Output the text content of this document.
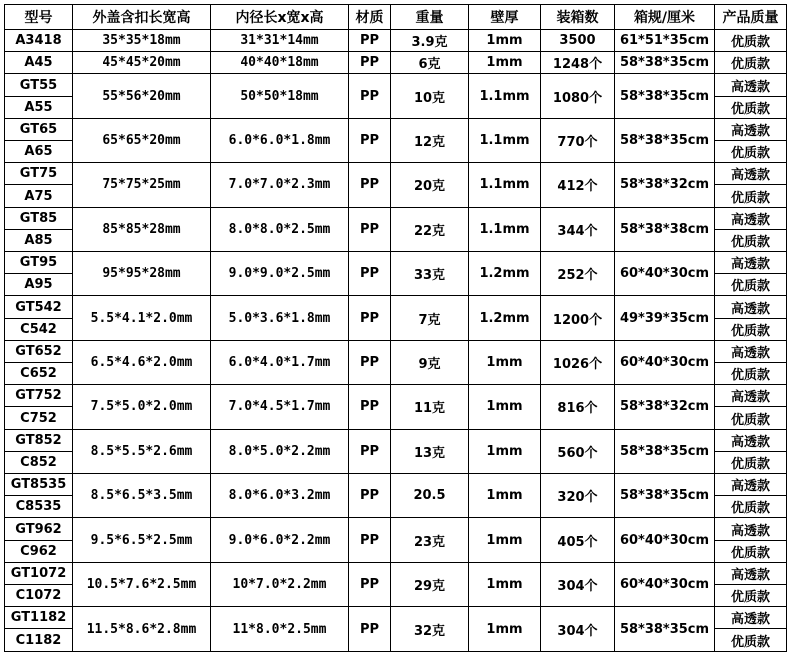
型号	外盖含扣长宽高	内径长x宽x高	材质	重量	壁厚	装箱数	箱规/厘米	产品质量
A3418	35*35*18mm	31*31*14mm	PP	3.9克	1mm	3500	61*51*35cm	优质款
A45	45*45*20mm	40*40*18mm	PP	6克	1mm	1248个	58*38*35cm	优质款
GT55	55*56*20mm	50*50*18mm	PP	10克	1.1mm	1080个	58*38*35cm	高透款
A55								优质款
GT65	65*65*20mm	6.0*6.0*1.8mm	PP	12克	1.1mm	770个	58*38*35cm	高透款
A65								优质款
GT75	75*75*25mm	7.0*7.0*2.3mm	PP	20克	1.1mm	412个	58*38*32cm	高透款
A75								优质款
GT85	85*85*28mm	8.0*8.0*2.5mm	PP	22克	1.1mm	344个	58*38*38cm	高透款
A85								优质款
GT95	95*95*28mm	9.0*9.0*2.5mm	PP	33克	1.2mm	252个	60*40*30cm	高透款
A95								优质款
GT542	5.5*4.1*2.0mm	5.0*3.6*1.8mm	PP	7克	1.2mm	1200个	49*39*35cm	高透款
C542								优质款
GT652	6.5*4.6*2.0mm	6.0*4.0*1.7mm	PP	9克	1mm	1026个	60*40*30cm	高透款
C652								优质款
GT752	7.5*5.0*2.0mm	7.0*4.5*1.7mm	PP	11克	1mm	816个	58*38*32cm	高透款
C752								优质款
GT852	8.5*5.5*2.6mm	8.0*5.0*2.2mm	PP	13克	1mm	560个	58*38*35cm	高透款
C852								优质款
GT8535	8.5*6.5*3.5mm	8.0*6.0*3.2mm	PP	20.5	1mm	320个	58*38*35cm	高透款
C8535								优质款
GT962	9.5*6.5*2.5mm	9.0*6.0*2.2mm	PP	23克	1mm	405个	60*40*30cm	高透款
C962								优质款
GT1072	10.5*7.6*2.5mm	10*7.0*2.2mm	PP	29克	1mm	304个	60*40*30cm	高透款
C1072								优质款
GT1182	11.5*8.6*2.8mm	11*8.0*2.5mm	PP	32克	1mm	304个	58*38*35cm	高透款
C1182								优质款
